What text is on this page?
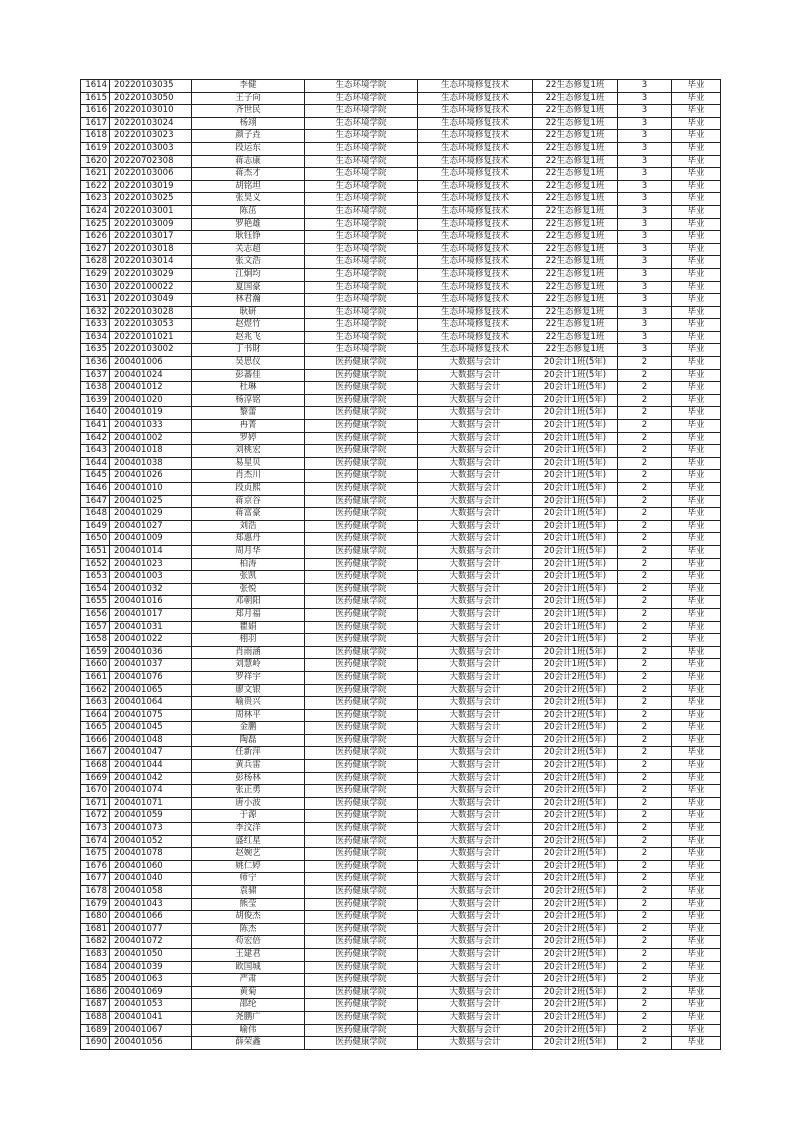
1614	20220103035	李健	生态环境学院	生态环境修复技术	22生态修复1班	3	毕业
1615	20220103050	王子向	生态环境学院	生态环境修复技术	22生态修复1班	3	毕业
1616	20220103010	齐世民	生态环境学院	生态环境修复技术	22生态修复1班	3	毕业
1617	20220103024	杨翊	生态环境学院	生态环境修复技术	22生态修复1班	3	毕业
1618	20220103023	颜子垚	生态环境学院	生态环境修复技术	22生态修复1班	3	毕业
1619	20220103003	段运东	生态环境学院	生态环境修复技术	22生态修复1班	3	毕业
1620	20220702308	蒋志康	生态环境学院	生态环境修复技术	22生态修复1班	3	毕业
1621	20220103006	蒋杰才	生态环境学院	生态环境修复技术	22生态修复1班	3	毕业
1622	20220103019	胡铭坦	生态环境学院	生态环境修复技术	22生态修复1班	3	毕业
1623	20220103025	张昊义	生态环境学院	生态环境修复技术	22生态修复1班	3	毕业
1624	20220103001	陈茁	生态环境学院	生态环境修复技术	22生态修复1班	3	毕业
1625	20220103009	罗艳雄	生态环境学院	生态环境修复技术	22生态修复1班	3	毕业
1626	20220103017	耿钰铮	生态环境学院	生态环境修复技术	22生态修复1班	3	毕业
1627	20220103018	关志超	生态环境学院	生态环境修复技术	22生态修复1班	3	毕业
1628	20220103014	张文浩	生态环境学院	生态环境修复技术	22生态修复1班	3	毕业
1629	20220103029	江炯均	生态环境学院	生态环境修复技术	22生态修复1班	3	毕业
1630	20220100022	夏国豪	生态环境学院	生态环境修复技术	22生态修复1班	3	毕业
1631	20220103049	林君瀚	生态环境学院	生态环境修复技术	22生态修复1班	3	毕业
1632	20220103028	耿研	生态环境学院	生态环境修复技术	22生态修复1班	3	毕业
1633	20220103053	赵煜竹	生态环境学院	生态环境修复技术	22生态修复1班	3	毕业
1634	20220101021	赵兆飞	生态环境学院	生态环境修复技术	22生态修复1班	3	毕业
1635	20220103002	丁书財	生态环境学院	生态环境修复技术	22生态修复1班	3	毕业
1636	200401006	吴思仪	医药健康学院	大数据与会计	20会计1班(5年)	2	毕业
1637	200401024	彭蕃佳	医药健康学院	大数据与会计	20会计1班(5年)	2	毕业
1638	200401012	杜琳	医药健康学院	大数据与会计	20会计1班(5年)	2	毕业
1639	200401020	杨淳铭	医药健康学院	大数据与会计	20会计1班(5年)	2	毕业
1640	200401019	黎蕾	医药健康学院	大数据与会计	20会计1班(5年)	2	毕业
1641	200401033	冉菁	医药健康学院	大数据与会计	20会计1班(5年)	2	毕业
1642	200401002	罗婷	医药健康学院	大数据与会计	20会计1班(5年)	2	毕业
1643	200401018	刘桃宏	医药健康学院	大数据与会计	20会计1班(5年)	2	毕业
1644	200401038	易星贝	医药健康学院	大数据与会计	20会计1班(5年)	2	毕业
1645	200401026	肖杰川	医药健康学院	大数据与会计	20会计1班(5年)	2	毕业
1646	200401010	段贞熙	医药健康学院	大数据与会计	20会计1班(5年)	2	毕业
1647	200401025	蒋京谷	医药健康学院	大数据与会计	20会计1班(5年)	2	毕业
1648	200401029	蒋富豪	医药健康学院	大数据与会计	20会计1班(5年)	2	毕业
1649	200401027	刘浩	医药健康学院	大数据与会计	20会计1班(5年)	2	毕业
1650	200401009	郑惠丹	医药健康学院	大数据与会计	20会计1班(5年)	2	毕业
1651	200401014	周月华	医药健康学院	大数据与会计	20会计1班(5年)	2	毕业
1652	200401023	柏涛	医药健康学院	大数据与会计	20会计1班(5年)	2	毕业
1653	200401003	张凯	医药健康学院	大数据与会计	20会计1班(5年)	2	毕业
1654	200401032	张悦	医药健康学院	大数据与会计	20会计1班(5年)	2	毕业
1655	200401016	邓朝阳	医药健康学院	大数据与会计	20会计1班(5年)	2	毕业
1656	200401017	郑月福	医药健康学院	大数据与会计	20会计1班(5年)	2	毕业
1657	200401031	瞿娟	医药健康学院	大数据与会计	20会计1班(5年)	2	毕业
1658	200401022	栩羽	医药健康学院	大数据与会计	20会计1班(5年)	2	毕业
1659	200401036	肖雨涵	医药健康学院	大数据与会计	20会计1班(5年)	2	毕业
1660	200401037	刘慧岭	医药健康学院	大数据与会计	20会计1班(5年)	2	毕业
1661	200401076	罗祥宇	医药健康学院	大数据与会计	20会计2班(5年)	2	毕业
1662	200401065	廖文银	医药健康学院	大数据与会计	20会计2班(5年)	2	毕业
1663	200401064	喻贵兴	医药健康学院	大数据与会计	20会计2班(5年)	2	毕业
1664	200401075	周林平	医药健康学院	大数据与会计	20会计2班(5年)	2	毕业
1665	200401045	金鹏	医药健康学院	大数据与会计	20会计2班(5年)	2	毕业
1666	200401048	陶磊	医药健康学院	大数据与会计	20会计2班(5年)	2	毕业
1667	200401047	任新萍	医药健康学院	大数据与会计	20会计2班(5年)	2	毕业
1668	200401044	黄兵雷	医药健康学院	大数据与会计	20会计2班(5年)	2	毕业
1669	200401042	彭杨林	医药健康学院	大数据与会计	20会计2班(5年)	2	毕业
1670	200401074	张正勇	医药健康学院	大数据与会计	20会计2班(5年)	2	毕业
1671	200401071	唐小波	医药健康学院	大数据与会计	20会计2班(5年)	2	毕业
1672	200401059	于源	医药健康学院	大数据与会计	20会计2班(5年)	2	毕业
1673	200401073	李汶洋	医药健康学院	大数据与会计	20会计2班(5年)	2	毕业
1674	200401052	盛红星	医药健康学院	大数据与会计	20会计2班(5年)	2	毕业
1675	200401078	赵婉艺	医药健康学院	大数据与会计	20会计2班(5年)	2	毕业
1676	200401060	姚仁婷	医药健康学院	大数据与会计	20会计2班(5年)	2	毕业
1677	200401040	师宁	医药健康学院	大数据与会计	20会计2班(5年)	2	毕业
1678	200401058	袁骕	医药健康学院	大数据与会计	20会计2班(5年)	2	毕业
1679	200401043	熊莹	医药健康学院	大数据与会计	20会计2班(5年)	2	毕业
1680	200401066	胡俊杰	医药健康学院	大数据与会计	20会计2班(5年)	2	毕业
1681	200401077	陈杰	医药健康学院	大数据与会计	20会计2班(5年)	2	毕业
1682	200401072	苟宏倍	医药健康学院	大数据与会计	20会计2班(5年)	2	毕业
1683	200401050	王建君	医药健康学院	大数据与会计	20会计2班(5年)	2	毕业
1684	200401039	欧国城	医药健康学院	大数据与会计	20会计2班(5年)	2	毕业
1685	200401063	严肃	医药健康学院	大数据与会计	20会计2班(5年)	2	毕业
1686	200401069	黄菊	医药健康学院	大数据与会计	20会计2班(5年)	2	毕业
1687	200401053	邵纶	医药健康学院	大数据与会计	20会计2班(5年)	2	毕业
1688	200401041	尧鹏广	医药健康学院	大数据与会计	20会计2班(5年)	2	毕业
1689	200401067	喻伟	医药健康学院	大数据与会计	20会计2班(5年)	2	毕业
1690	200401056	薛荣鑫	医药健康学院	大数据与会计	20会计2班(5年)	2	毕业
